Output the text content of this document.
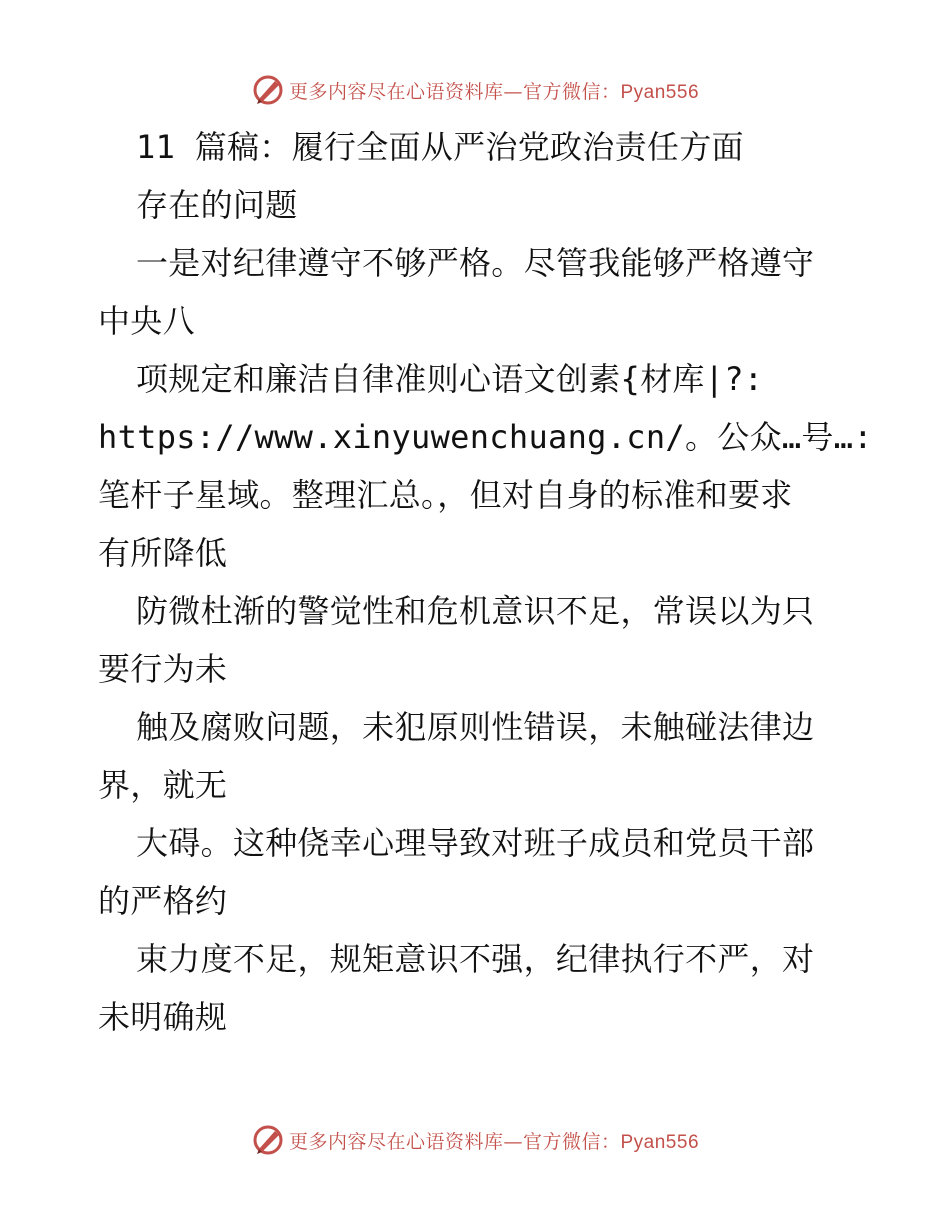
更多内容尽在心语资料库—官方微信：Pyan556
11 篇稿：履行全面从严治党政治责任方面
存在的问题
一是对纪律遵守不够严格。尽管我能够严格遵守
中央八
项规定和廉洁自律准则心语文创素{材库|?:
https://www.xinyuwenchuang.cn/。公众…号…:
笔杆子星域。整理汇总。，但对自身的标准和要求
有所降低
防微杜渐的警觉性和危机意识不足，常误以为只
要行为未
触及腐败问题，未犯原则性错误，未触碰法律边
界，就无
大碍。这种侥幸心理导致对班子成员和党员干部
的严格约
束力度不足，规矩意识不强，纪律执行不严，对
未明确规
更多内容尽在心语资料库—官方微信：Pyan556
